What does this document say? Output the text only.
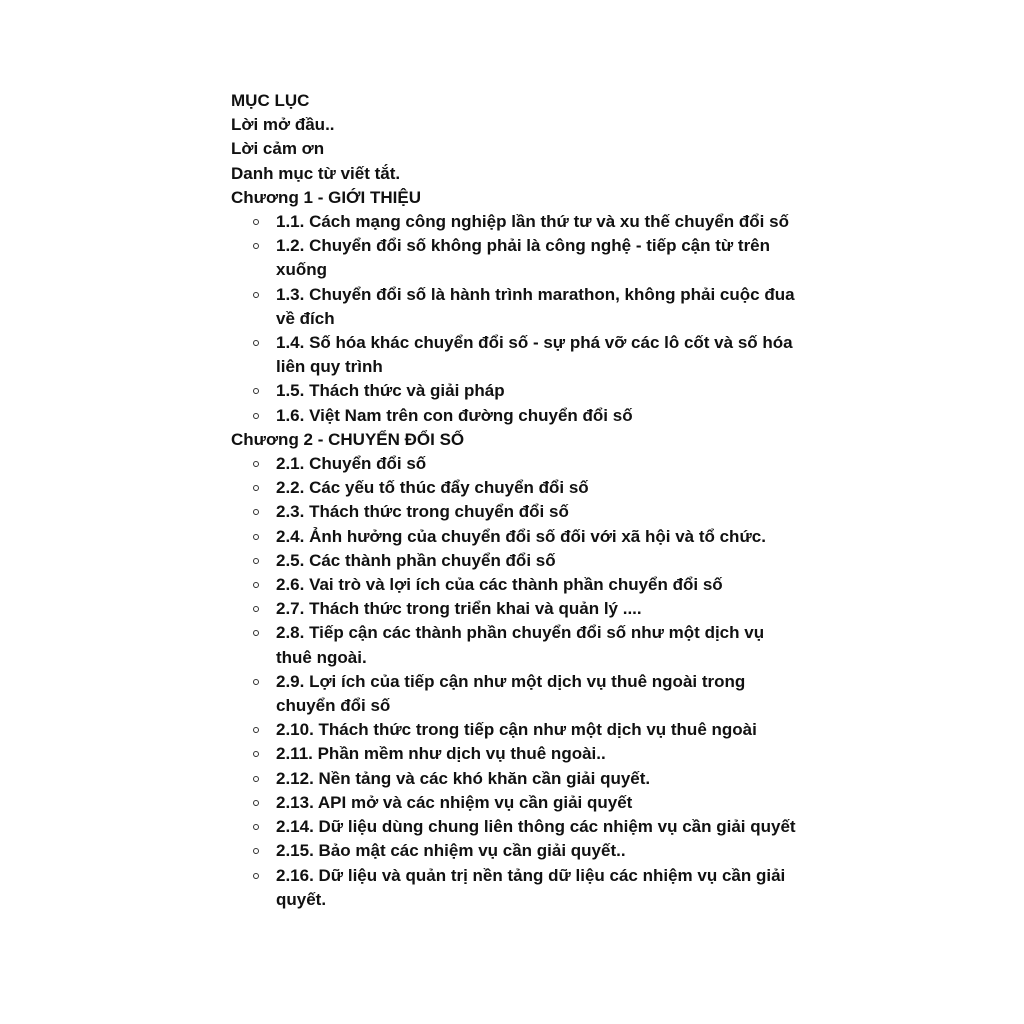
MỤC LỤC

Lời mở đầu..

Lời cảm ơn

Danh mục từ viết tắt.

Chương 1 - GIỚI THIỆU

1.1. Cách mạng công nghiệp lần thứ tư và xu thế chuyển đổi số
1.2. Chuyển đổi số không phải là công nghệ - tiếp cận từ trên xuống
1.3. Chuyển đổi số là hành trình marathon, không phải cuộc đua về đích
1.4. Số hóa khác chuyển đổi số - sự phá vỡ các lô cốt và số hóa liên quy trình
1.5. Thách thức và giải pháp
1.6. Việt Nam trên con đường chuyển đổi số

Chương 2 - CHUYỂN ĐỔI SỐ

2.1. Chuyển đổi số
2.2. Các yếu tố thúc đẩy chuyển đổi số
2.3. Thách thức trong chuyển đổi số
2.4. Ảnh hưởng của chuyển đổi số đối với xã hội và tổ chức.
2.5. Các thành phần chuyển đổi số
2.6. Vai trò và lợi ích của các thành phần chuyển đổi số
2.7. Thách thức trong triển khai và quản lý ....
2.8. Tiếp cận các thành phần chuyển đổi số như một dịch vụ thuê ngoài.
2.9. Lợi ích của tiếp cận như một dịch vụ thuê ngoài trong chuyển đổi số
2.10. Thách thức trong tiếp cận như một dịch vụ thuê ngoài
2.11. Phần mềm như dịch vụ thuê ngoài..
2.12. Nền tảng và các khó khăn cần giải quyết.
2.13. API mở và các nhiệm vụ cần giải quyết
2.14. Dữ liệu dùng chung liên thông các nhiệm vụ cần giải quyết
2.15. Bảo mật các nhiệm vụ cần giải quyết..
2.16. Dữ liệu và quản trị nền tảng dữ liệu các nhiệm vụ cần giải quyết.
